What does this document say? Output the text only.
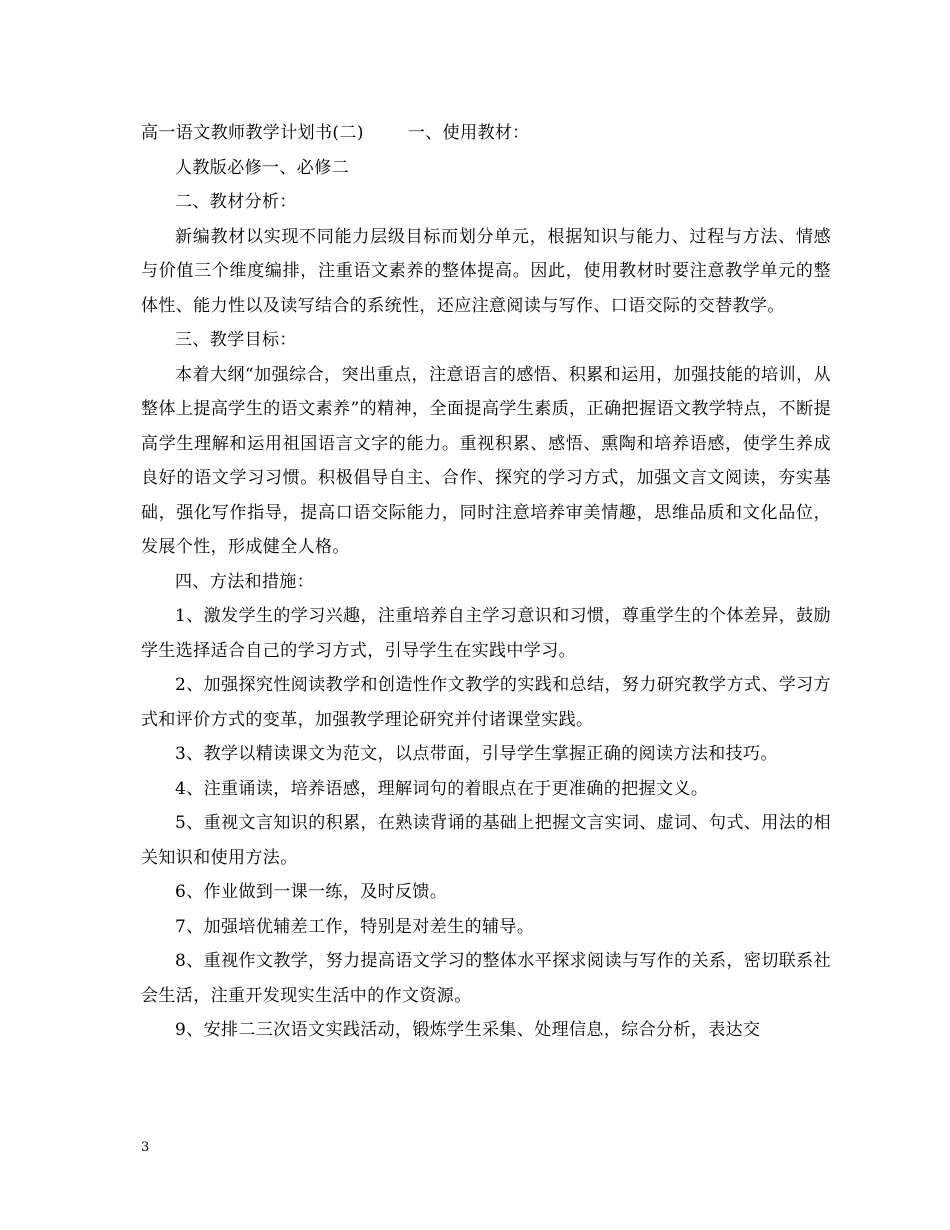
高一语文教师教学计划书(二)	一、使用教材：

人教版必修一、必修二

二、教材分析：

新编教材以实现不同能力层级目标而划分单元，根据知识与能力、过程与方法、情感与价值三个维度编排，注重语文素养的整体提高。因此，使用教材时要注意教学单元的整体性、能力性以及读写结合的系统性，还应注意阅读与写作、口语交际的交替教学。

三、教学目标：

本着大纲“加强综合，突出重点，注意语言的感悟、积累和运用，加强技能的培训，从整体上提高学生的语文素养”的精神，全面提高学生素质，正确把握语文教学特点，不断提高学生理解和运用祖国语言文字的能力。重视积累、感悟、熏陶和培养语感，使学生养成良好的语文学习习惯。积极倡导自主、合作、探究的学习方式，加强文言文阅读，夯实基础，强化写作指导，提高口语交际能力，同时注意培养审美情趣，思维品质和文化品位，发展个性，形成健全人格。

四、方法和措施：

1、激发学生的学习兴趣，注重培养自主学习意识和习惯，尊重学生的个体差异，鼓励学生选择适合自己的学习方式，引导学生在实践中学习。

2、加强探究性阅读教学和创造性作文教学的实践和总结，努力研究教学方式、学习方式和评价方式的变革，加强教学理论研究并付诸课堂实践。

3、教学以精读课文为范文，以点带面，引导学生掌握正确的阅读方法和技巧。

4、注重诵读，培养语感，理解词句的着眼点在于更准确的把握文义。

5、重视文言知识的积累，在熟读背诵的基础上把握文言实词、虚词、句式、用法的相关知识和使用方法。

6、作业做到一课一练，及时反馈。

7、加强培优辅差工作，特别是对差生的辅导。

8、重视作文教学，努力提高语文学习的整体水平探求阅读与写作的关系，密切联系社会生活，注重开发现实生活中的作文资源。

9、安排二三次语文实践活动，锻炼学生采集、处理信息，综合分析，表达交

3
